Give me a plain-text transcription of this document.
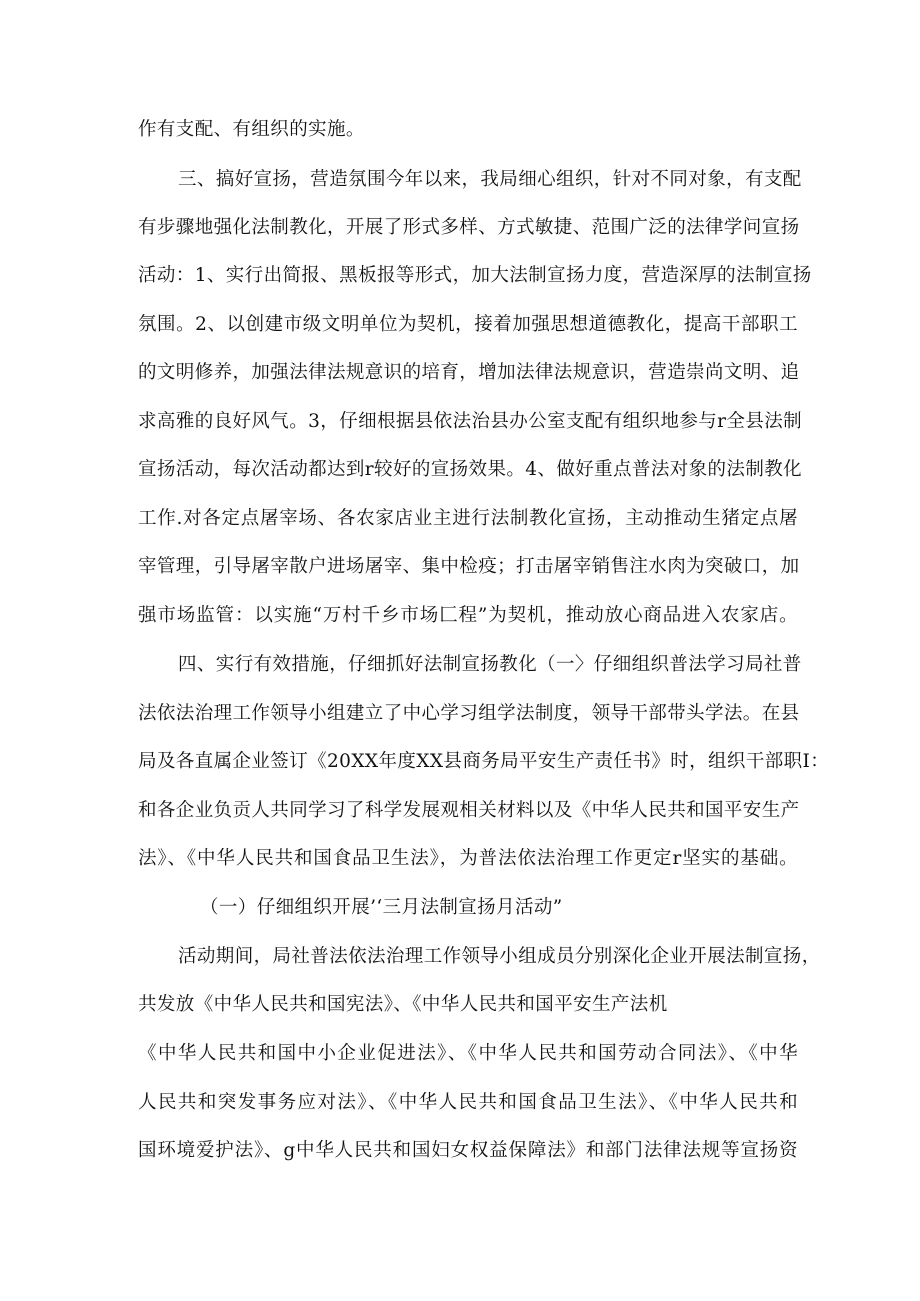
作有支配、有组织的实施。
三、搞好宣扬，营造氛围今年以来，我局细心组织，针对不同对象，有支配
有步骤地强化法制教化，开展了形式多样、方式敏捷、范围广泛的法律学问宣扬
活动：1、实行出简报、黑板报等形式，加大法制宣扬力度，营造深厚的法制宣扬
氛围。2、以创建市级文明单位为契机，接着加强思想道德教化，提高干部职工
的文明修养，加强法律法规意识的培育，增加法律法规意识，营造崇尚文明、追
求高雅的良好风气。3，仔细根据县依法治县办公室支配有组织地参与r全县法制
宣扬活动，每次活动都达到r较好的宣扬效果。4、做好重点普法对象的法制教化
工作.对各定点屠宰场、各农家店业主进行法制教化宣扬，主动推动生猪定点屠
宰管理，引导屠宰散户进场屠宰、集中检疫；打击屠宰销售注水肉为突破口，加
强市场监管：以实施“万村千乡市场匚程”为契机，推动放心商品进入农家店。
四、实行有效措施，仔细抓好法制宣扬教化（一〉仔细组织普法学习局社普
法依法治理工作领导小组建立了中心学习组学法制度，领导干部带头学法。在县
局及各直属企业签订《20XX年度XX县商务局平安生产责任书》时，组织干部职I：
和各企业负贡人共同学习了科学发展观相关材料以及《中华人民共和国平安生产
法》、《中华人民共和国食品卫生法》，为普法依法治理工作更定r坚实的基础。
（一）仔细组织开展’‘三月法制宣扬月活动”
活动期间，局社普法依法治理工作领导小组成员分别深化企业开展法制宣扬，
共发放《中华人民共和国宪法》、《中华人民共和国平安生产法机
《中华人民共和国中小企业促进法》、《中华人民共和国劳动合同法》、《中华
人民共和突发事务应对法》、《中华人民共和国食品卫生法》、《中华人民共和
国环境爱护法》、g中华人民共和国妇女权益保障法》和部门法律法规等宣扬资
